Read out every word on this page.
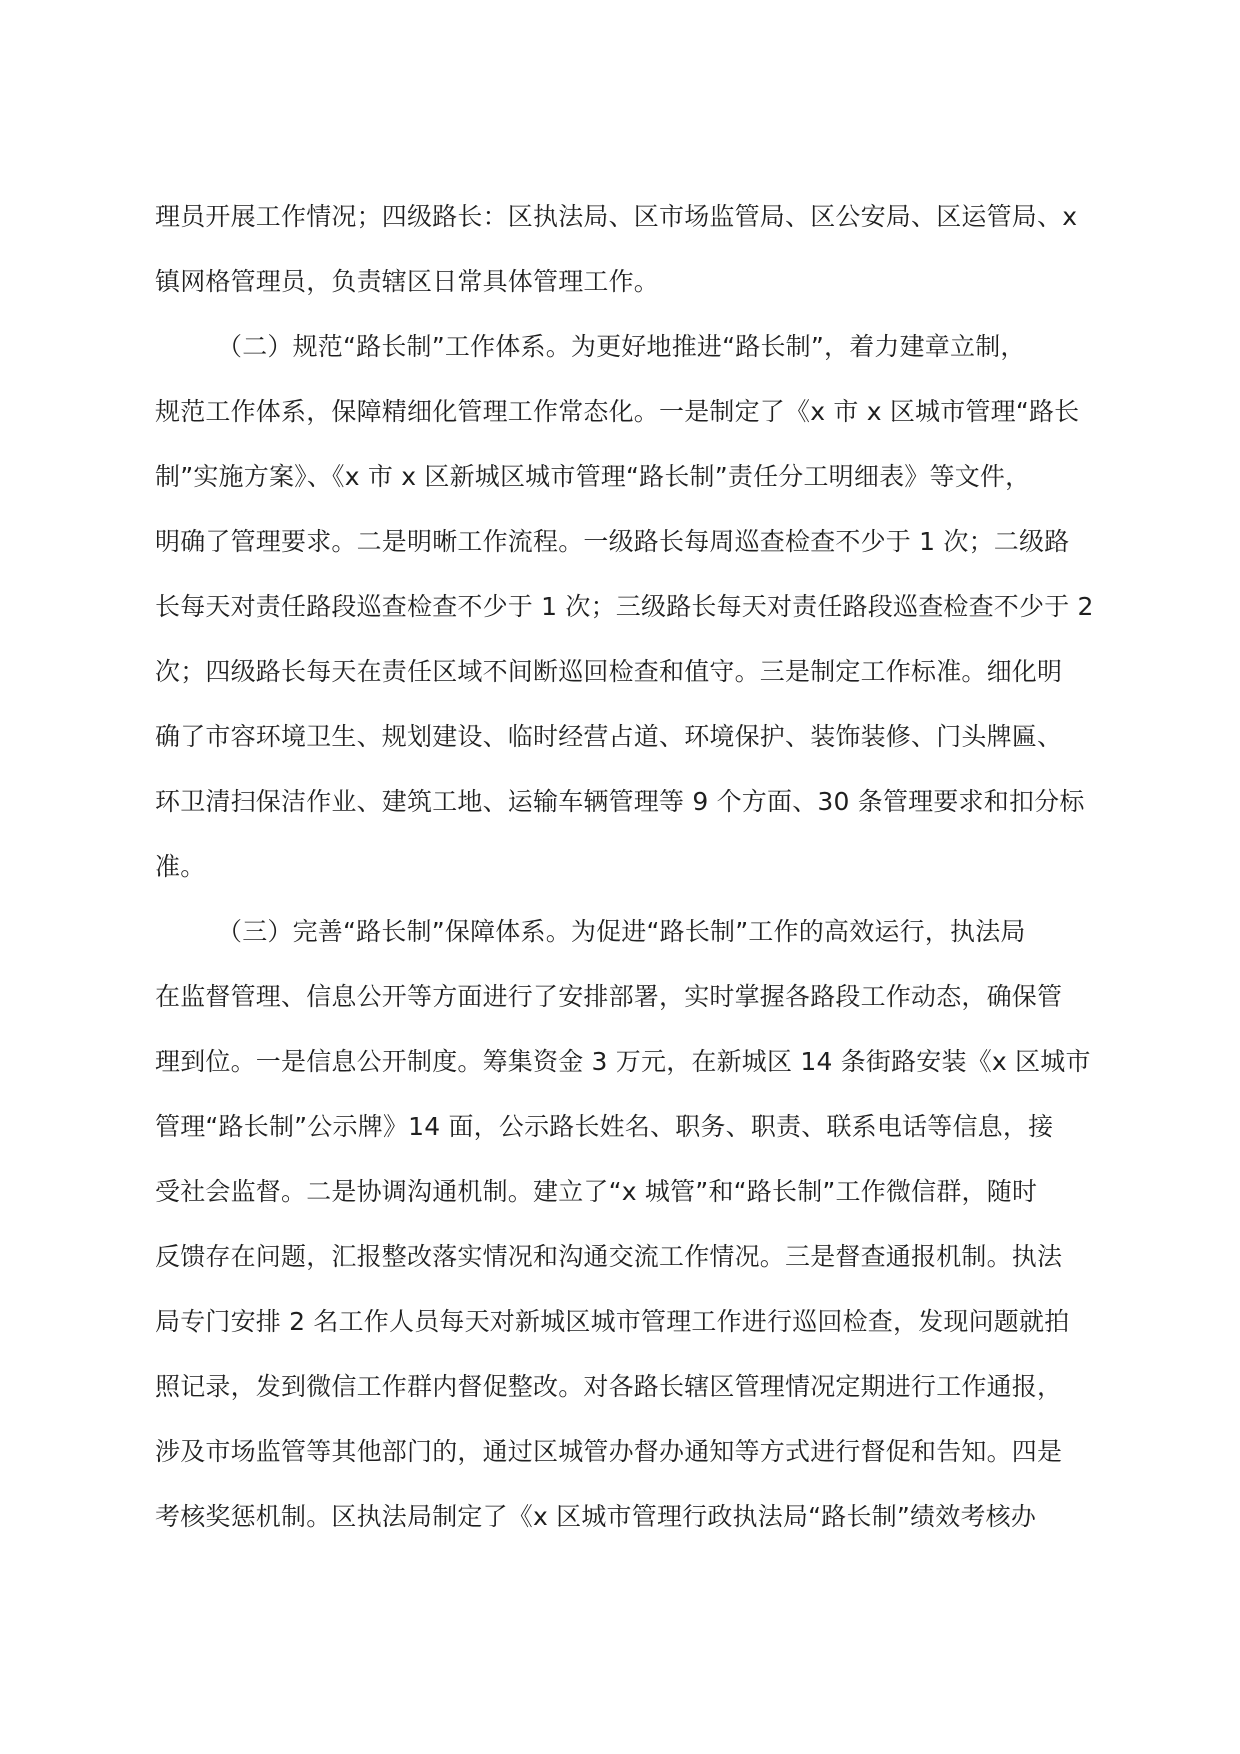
理员开展工作情况；四级路长：区执法局、区市场监管局、区公安局、区运管局、x
镇网格管理员，负责辖区日常具体管理工作。
（二）规范“路长制”工作体系。为更好地推进“路长制”，着力建章立制，
规范工作体系，保障精细化管理工作常态化。一是制定了《x 市 x 区城市管理“路长
制”实施方案》、《x 市 x 区新城区城市管理“路长制”责任分工明细表》等文件，
明确了管理要求。二是明晰工作流程。一级路长每周巡查检查不少于 1 次；二级路
长每天对责任路段巡查检查不少于 1 次；三级路长每天对责任路段巡查检查不少于 2
次；四级路长每天在责任区域不间断巡回检查和值守。三是制定工作标准。细化明
确了市容环境卫生、规划建设、临时经营占道、环境保护、装饰装修、门头牌匾、
环卫清扫保洁作业、建筑工地、运输车辆管理等 9 个方面、30 条管理要求和扣分标
准。
（三）完善“路长制”保障体系。为促进“路长制”工作的高效运行，执法局
在监督管理、信息公开等方面进行了安排部署，实时掌握各路段工作动态，确保管
理到位。一是信息公开制度。筹集资金 3 万元，在新城区 14 条街路安装《x 区城市
管理“路长制”公示牌》14 面，公示路长姓名、职务、职责、联系电话等信息，接
受社会监督。二是协调沟通机制。建立了“x 城管”和“路长制”工作微信群，随时
反馈存在问题，汇报整改落实情况和沟通交流工作情况。三是督查通报机制。执法
局专门安排 2 名工作人员每天对新城区城市管理工作进行巡回检查，发现问题就拍
照记录，发到微信工作群内督促整改。对各路长辖区管理情况定期进行工作通报，
涉及市场监管等其他部门的，通过区城管办督办通知等方式进行督促和告知。四是
考核奖惩机制。区执法局制定了《x 区城市管理行政执法局“路长制”绩效考核办
